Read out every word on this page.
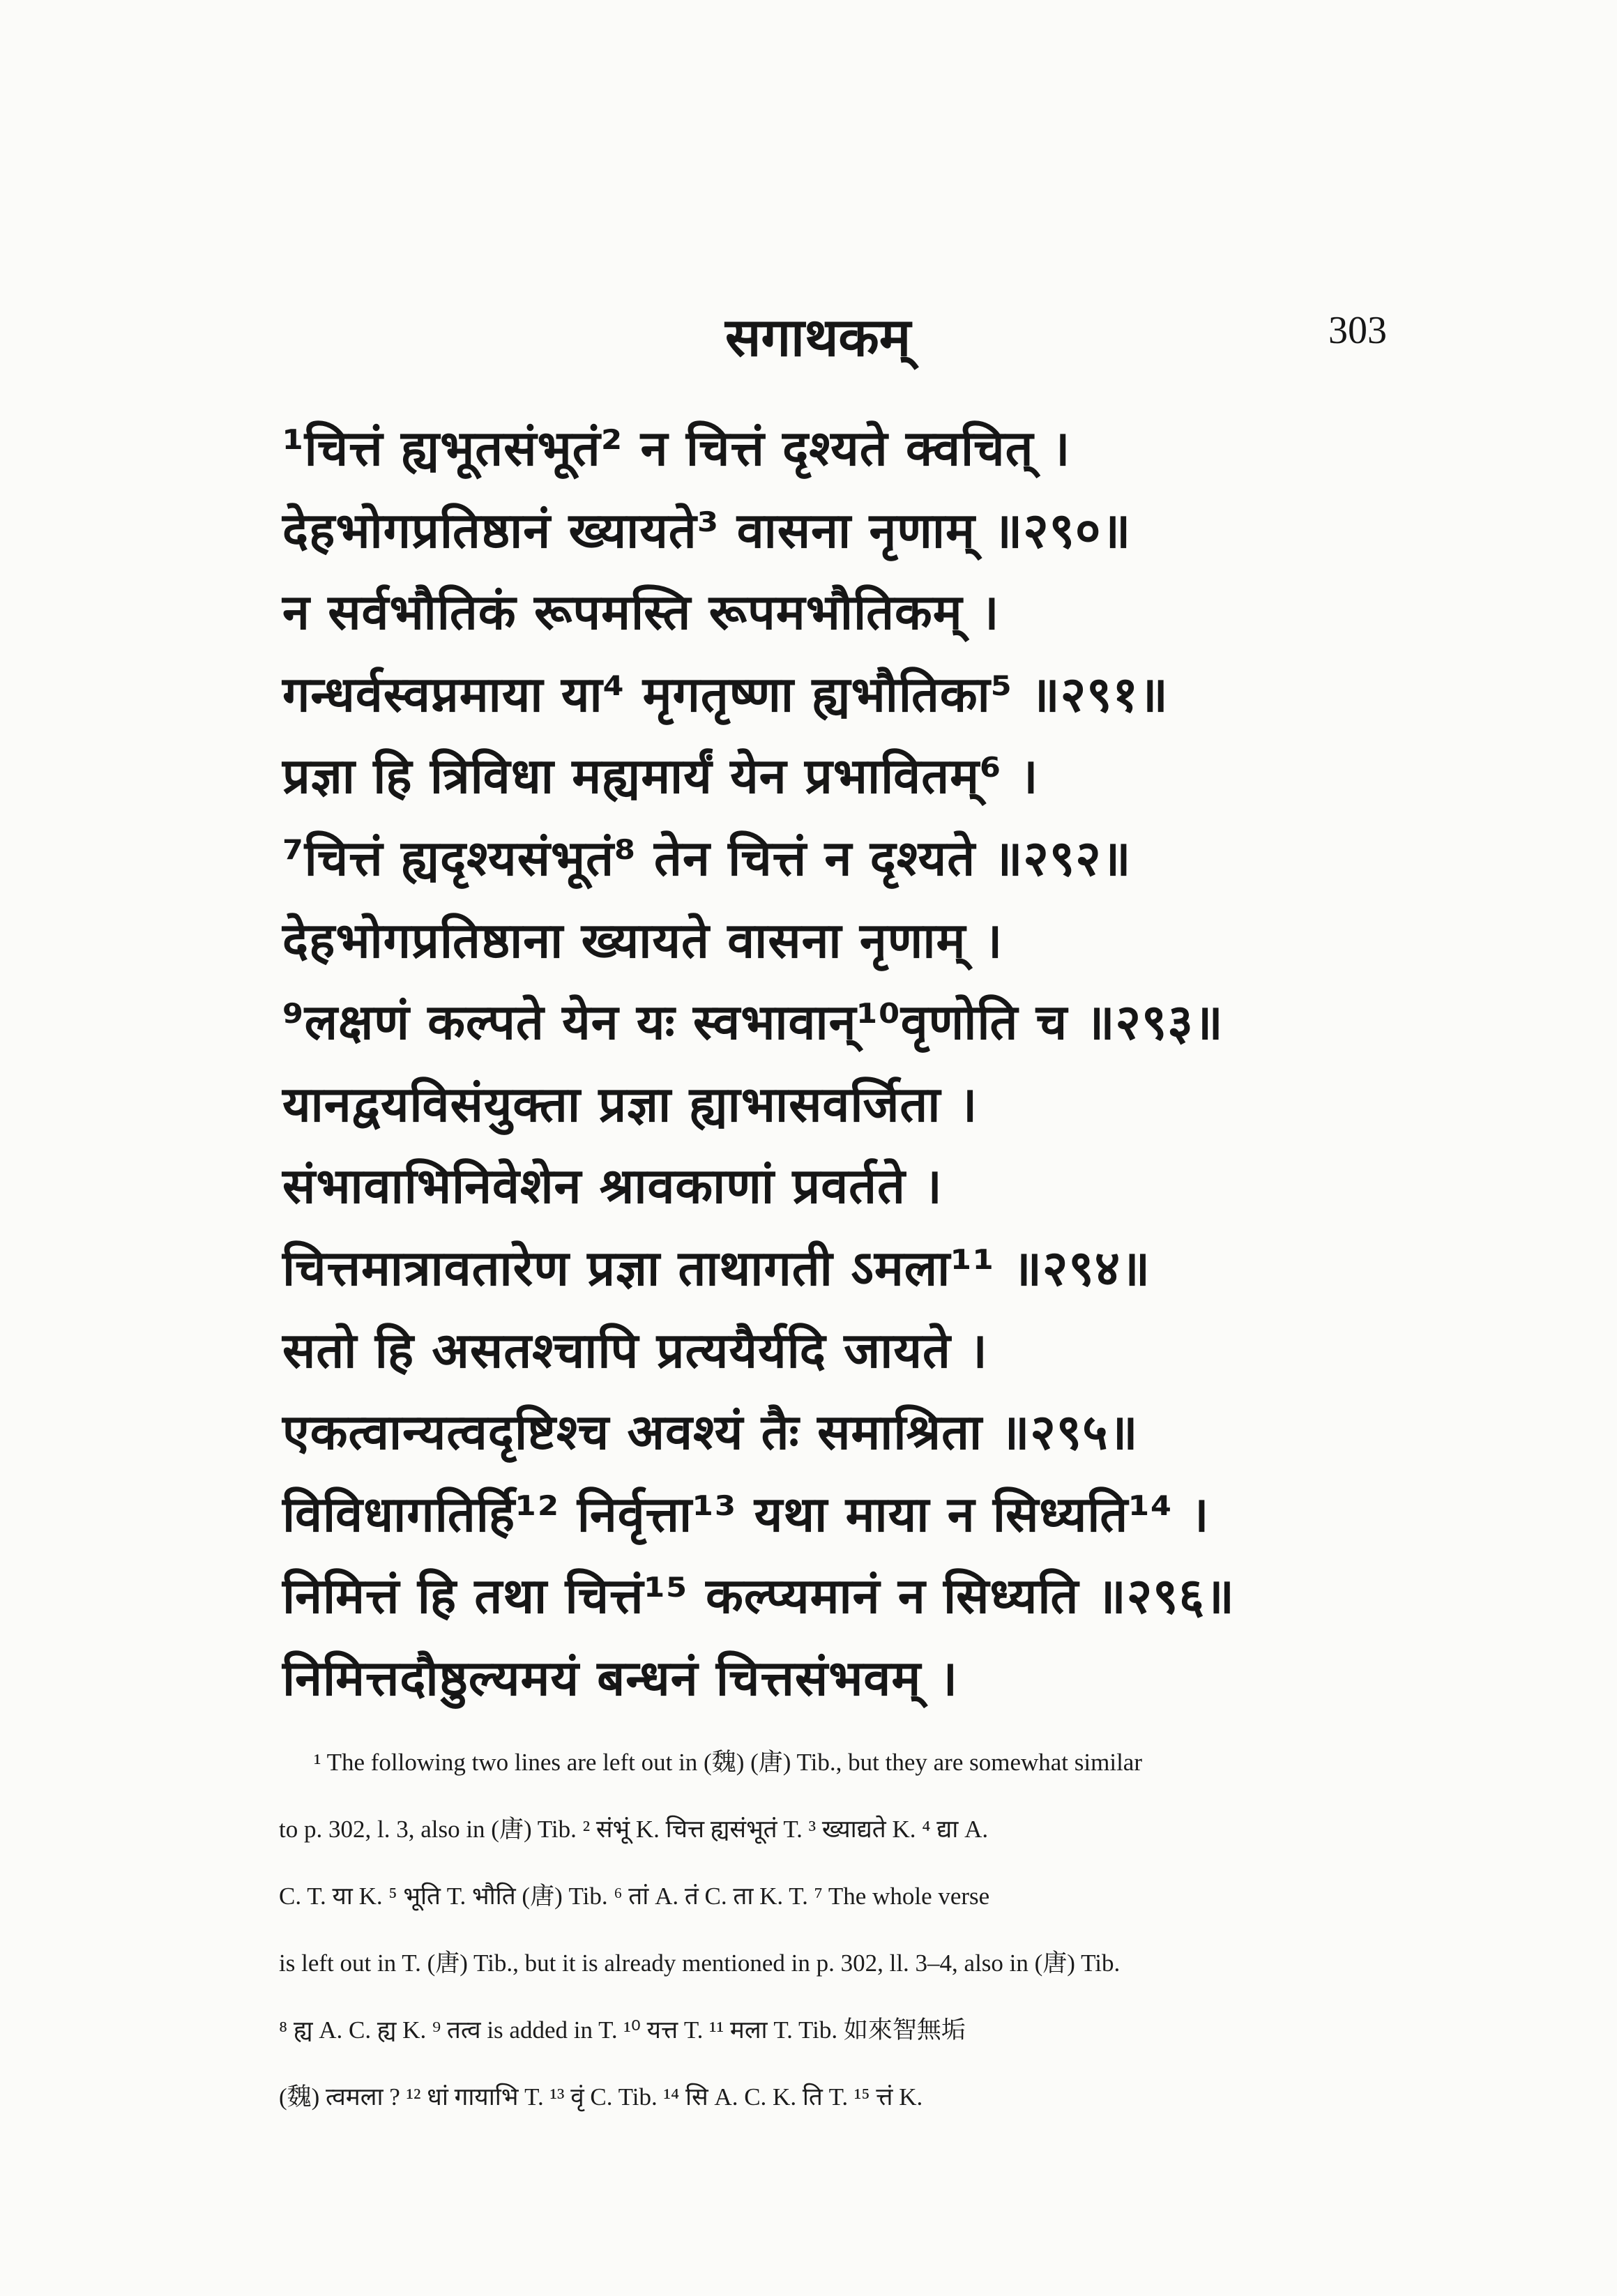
सगाथकम्	303
¹चित्तं ह्यभूतसंभूतं² न चित्तं दृश्यते क्वचित् ।
देहभोगप्रतिष्ठानं ख्यायते³ वासना नृणाम् ॥२९०॥
न सर्वभौतिकं रूपमस्ति रूपमभौतिकम् ।
गन्धर्वस्वप्नमाया या⁴ मृगतृष्णा ह्यभौतिका⁵ ॥२९१॥
प्रज्ञा हि त्रिविधा मह्यमार्यं येन प्रभावितम्⁶ ।
⁷चित्तं ह्यदृश्यसंभूतं⁸ तेन चित्तं न दृश्यते ॥२९२॥
देहभोगप्रतिष्ठाना ख्यायते वासना नृणाम् ।
⁹लक्षणं कल्पते येन यः स्वभावान्¹⁰वृणोति च ॥२९३॥
यानद्वयविसंयुक्ता प्रज्ञा ह्याभासवर्जिता ।
संभावाभिनिवेशेन श्रावकाणां प्रवर्तते ।
चित्तमात्रावतारेण प्रज्ञा ताथागती ऽमला¹¹ ॥२९४॥
सतो हि असतश्चापि प्रत्ययैर्यदि जायते ।
एकत्वान्यत्वदृष्टिश्च अवश्यं तैः समाश्रिता ॥२९५॥
विविधागतिर्हि¹² निर्वृत्ता¹³ यथा माया न सिध्यति¹⁴ ।
निमित्तं हि तथा चित्तं¹⁵ कल्प्यमानं न सिध्यति ॥२९६॥
निमित्तदौष्ठुल्यमयं बन्धनं चित्तसंभवम् ।
¹ The following two lines are left out in (魏) (唐) Tib., but they are somewhat similar
to p. 302, l. 3, also in (唐) Tib. ² संभूं K. चित्त ह्यसंभूतं T. ³ ख्याद्यते K. ⁴ द्या A.
C. T. या K. ⁵ भूति T. भौति (唐) Tib. ⁶ तां A. तं C. ता K. T. ⁷ The whole verse
is left out in T. (唐) Tib., but it is already mentioned in p. 302, ll. 3–4, also in (唐) Tib.
⁸ ह्य A. C. ह्य K. ⁹ तत्व is added in T. ¹⁰ यत्त T. ¹¹ मला T. Tib. 如來智無垢
(魏) त्वमला ? ¹² धां गायाभि T. ¹³ वृं C. Tib. ¹⁴ सि A. C. K. ति T. ¹⁵ त्तं K.
